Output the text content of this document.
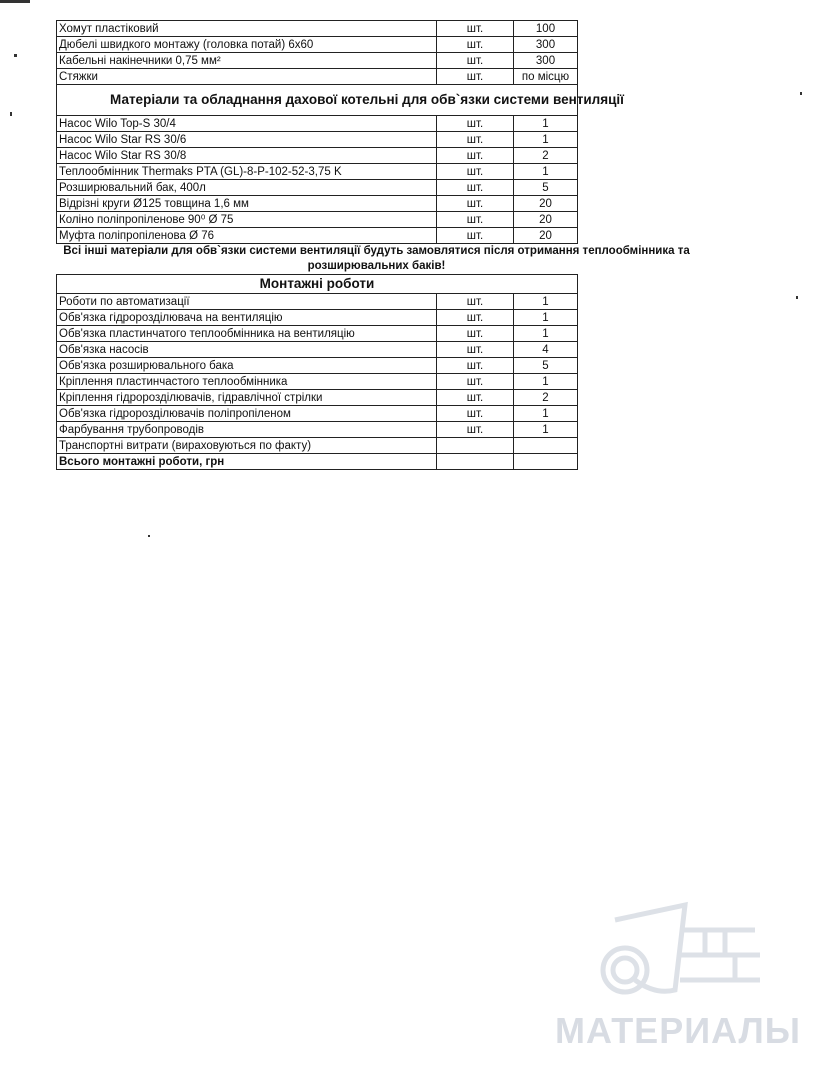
Хомут пластіковий	шт.	100
Дюбелі швидкого монтажу (головка потай) 6х60	шт.	300
Кабельні накінечники 0,75 мм²	шт.	300
Стяжки	шт.	по місцю
Матеріали та обладнання дахової котельні для обв`язки системи вентиляції		
Насос Wilo Top-S 30/4	шт.	1
Насос Wilo Star RS 30/6	шт.	1
Насос Wilo Star RS 30/8	шт.	2
Теплообмінник Thermaks PTA (GL)-8-P-102-52-3,75 K	шт.	1
Розширювальний бак, 400л	шт.	5
Відрізні круги Ø125 товщина 1,6 мм	шт.	20
Коліно поліпропіленове 90⁰ Ø 75	шт.	20
Муфта поліпропіленова Ø 76	шт.	20

Всі інші матеріали для обв`язки системи вентиляції будуть замовлятися після отримання теплообмінника та розширювальних баків!		

Монтажні роботи		
Роботи по автоматизації	шт.	1
Обв'язка гідророзділювача на вентиляцію	шт.	1
Обв'язка пластинчатого теплообмінника на вентиляцію	шт.	1
Обв'язка насосів	шт.	4
Обв'язка розширювального бака	шт.	5
Кріплення пластинчастого теплообмінника	шт.	1
Кріплення гідророзділювачів, гідравлічної стрілки	шт.	2
Обв'язка гідророзділювачів поліпропіленом	шт.	1
Фарбування трубопроводів	шт.	1
Транспортні витрати (вираховуються по факту)		
Всього монтажні роботи, грн		
МАТЕРИАЛЫ
